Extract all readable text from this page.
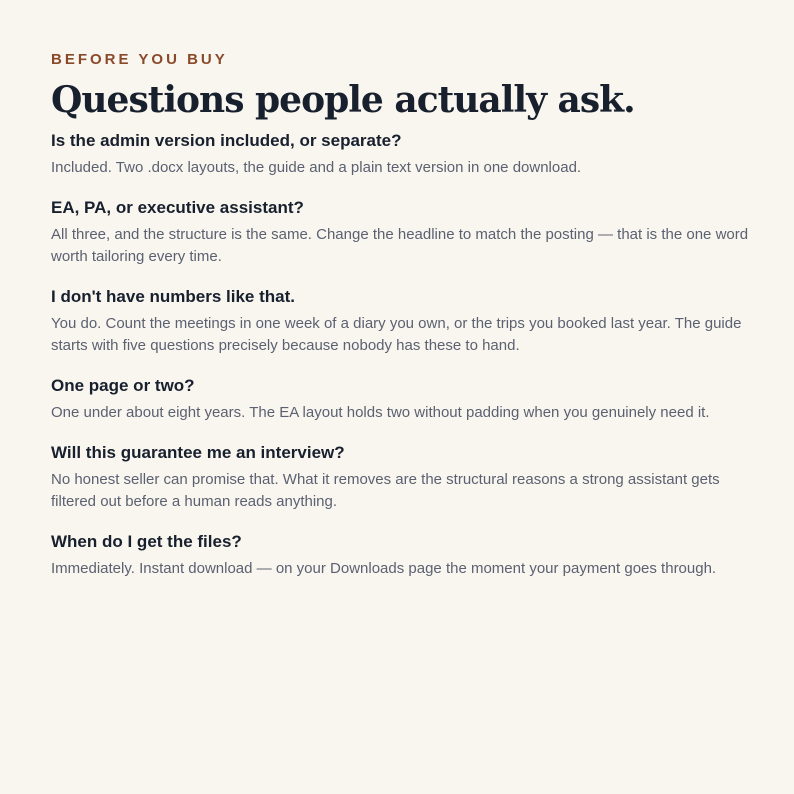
BEFORE YOU BUY
Questions people actually ask.
Is the admin version included, or separate?

Included. Two .docx layouts, the guide and a plain text version in one download.

EA, PA, or executive assistant?

All three, and the structure is the same. Change the headline to match the posting — that is the one word worth tailoring every time.

I don't have numbers like that.

You do. Count the meetings in one week of a diary you own, or the trips you booked last year. The guide starts with five questions precisely because nobody has these to hand.

One page or two?

One under about eight years. The EA layout holds two without padding when you genuinely need it.

Will this guarantee me an interview?

No honest seller can promise that. What it removes are the structural reasons a strong assistant gets filtered out before a human reads anything.

When do I get the files?

Immediately. Instant download — on your Downloads page the moment your payment goes through.
